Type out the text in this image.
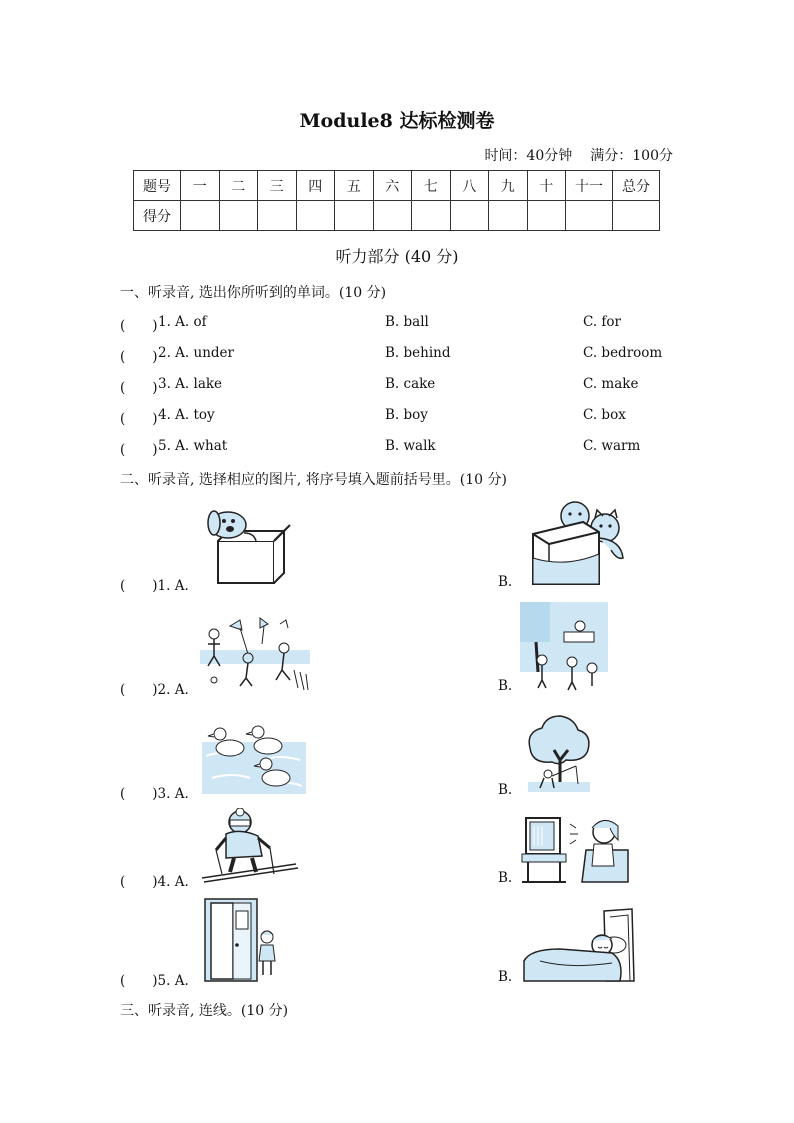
Module8 达标检测卷
时间：40分钟 满分：100分
题号	一	二	三	四	五	六	七	八	九	十	十一	总分
得分												
听力部分 (40 分)
一、听录音, 选出你所听到的单词。(10 分)
(　　) 1. A. of	B. ball	C. for
(　　) 2. A. under	B. behind	C. bedroom
(　　) 3. A. lake	B. cake	C. make
(　　) 4. A. toy	B. boy	C. box
(　　) 5. A. what	B. walk	C. warm
二、听录音, 选择相应的图片, 将序号填入题前括号里。(10 分)
(　　)1. A.	B.
(　　)2. A.	B.
(　　)3. A.	B.
(　　)4. A.	B.
(　　)5. A.	B.
三、听录音, 连线。(10 分)
